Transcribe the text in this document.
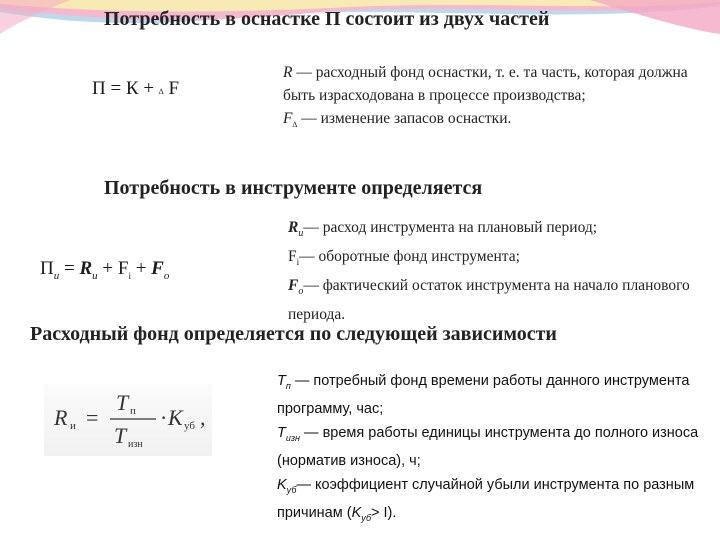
Потребность в оснастке П состоит из двух частей
Потребность в инструменте определяется
Расходный фонд определяется по следующей зависимости
П = К + ∆ F

R — расходный фонд оснастки, т. е. та часть, которая должна быть израсходована в процессе производства;

$F_\Delta$ — изменение запасов оснастки.

$П_и = R_и + F_i + F_о$

$R_и—$ расход инструмента на плановый период;

$F_i—$ оборотные фонд инструмента;

$F_о—$ фактический остаток инструмента на начало планового периода.

R и =
T п
T изн
· K уб ,

$T_п$ — потребный фонд времени работы данного инструмента программу, час;

$T_{изн}$ — время работы единицы инструмента до полного износа (норматив износа), ч;

$K_{уб}—$ коэффициент случайной убыли инструмента по разным причинам $(K_{уб}> I)$.
